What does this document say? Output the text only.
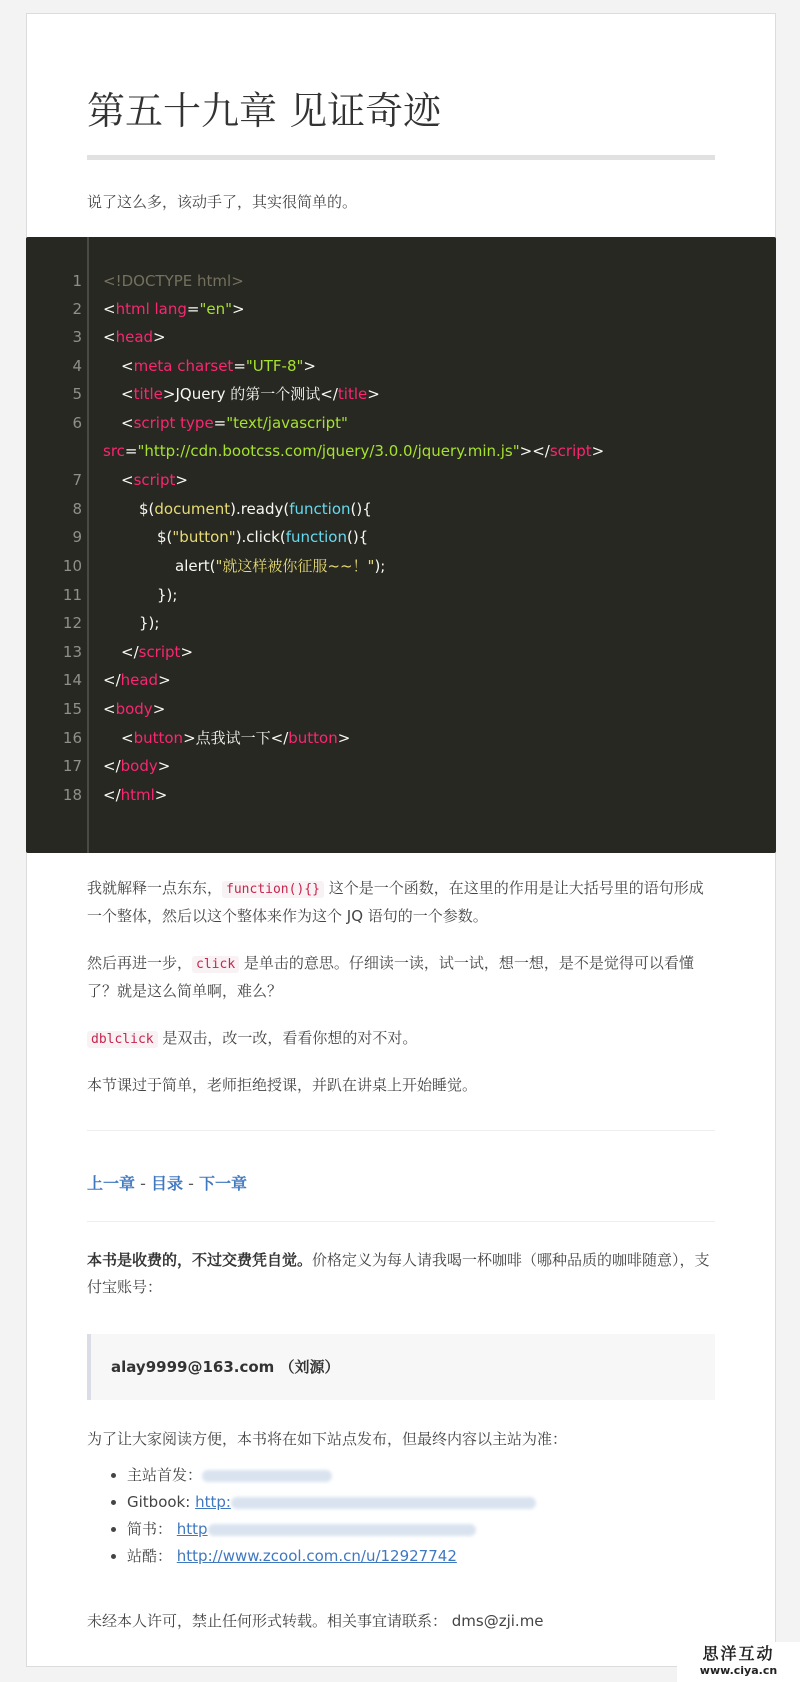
第五十九章 见证奇迹

说了这么多，该动手了，其实很简单的。

1
2
3
4
5
6
7
8
9
10
11
12
13
14
15
16
17
18
<!DOCTYPE html>
<html lang="en">
<head>
<meta charset="UTF-8">
<title>JQuery 的第一个测试</title>
<script type="text/javascript"
src="http://cdn.bootcss.com/jquery/3.0.0/jquery.min.js"></script>
<script>
$(document).ready(function(){
$("button").click(function(){
alert("就这样被你征服~~！");
});
});
</script>
</head>
<body>
<button>点我试一下</button>
</body>
</html>

我就解释一点东东， function(){} 这个是一个函数，在这里的作用是让大括号里的语句形成一个整体，然后以这个整体来作为这个 JQ 语句的一个参数。

然后再进一步， click 是单击的意思。仔细读一读，试一试，想一想，是不是觉得可以看懂了？就是这么简单啊，难么？

dblclick 是双击，改一改，看看你想的对不对。

本节课过于简单，老师拒绝授课，并趴在讲桌上开始睡觉。

上一章 - 目录 - 下一章

本书是收费的，不过交费凭自觉。价格定义为每人请我喝一杯咖啡（哪种品质的咖啡随意），支付宝账号：

alay9999@163.com （刘源）

为了让大家阅读方便，本书将在如下站点发布，但最终内容以主站为准：

• 主站首发：
• Gitbook: http:
• 简书： http
• 站酷： http://www.zcool.com.cn/u/12927742

未经本人许可，禁止任何形式转载。相关事宜请联系： dms@zji.me

思洋互动
www.ciya.cn
